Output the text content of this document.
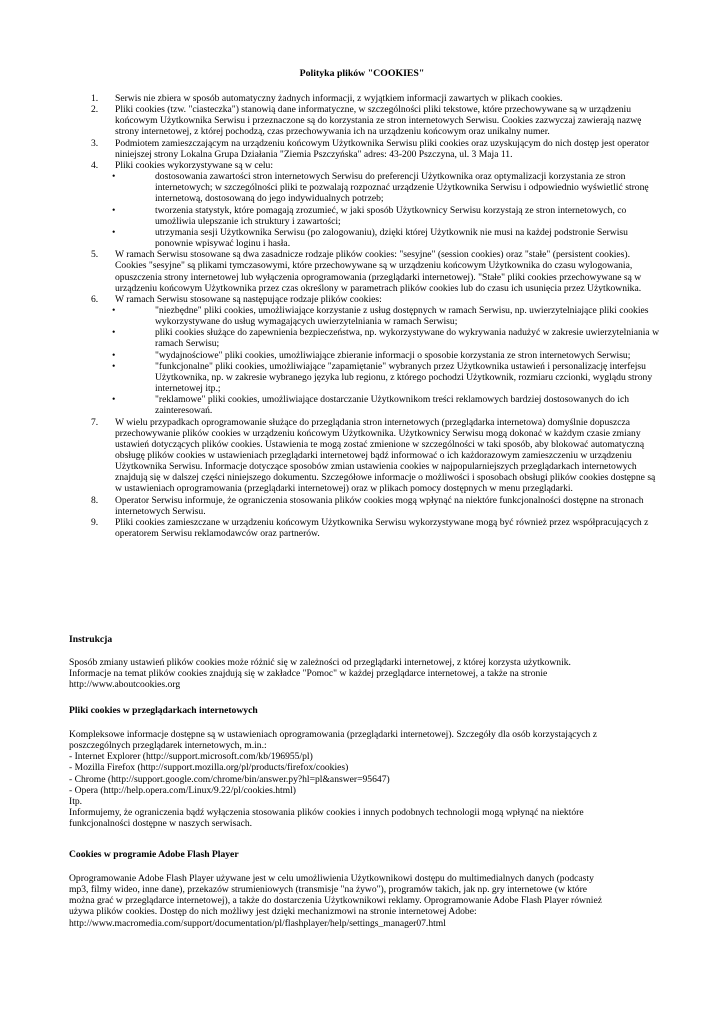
Polityka plików "COOKIES"
1. Serwis nie zbiera w sposób automatyczny żadnych informacji, z wyjątkiem informacji zawartych w plikach cookies.
2. Pliki cookies (tzw. "ciasteczka") stanowią dane informatyczne, w szczególności pliki tekstowe, które przechowywane są w urządzeniu końcowym Użytkownika Serwisu i przeznaczone są do korzystania ze stron internetowych Serwisu. Cookies zazwyczaj zawierają nazwę strony internetowej, z której pochodzą, czas przechowywania ich na urządzeniu końcowym oraz unikalny numer.
3. Podmiotem zamieszczającym na urządzeniu końcowym Użytkownika Serwisu pliki cookies oraz uzyskującym do nich dostęp jest operator niniejszej strony Lokalna Grupa Działania "Ziemia Pszczyńska" adres: 43-200 Pszczyna, ul. 3 Maja 11.
4. Pliki cookies wykorzystywane są w celu:
•	dostosowania zawartości stron internetowych Serwisu do preferencji Użytkownika oraz optymalizacji korzystania ze stron internetowych; w szczególności pliki te pozwalają rozpoznać urządzenie Użytkownika Serwisu i odpowiednio wyświetlić stronę internetową, dostosowaną do jego indywidualnych potrzeb;
•	tworzenia statystyk, które pomagają zrozumieć, w jaki sposób Użytkownicy Serwisu korzystają ze stron internetowych, co umożliwia ulepszanie ich struktury i zawartości;
•	utrzymania sesji Użytkownika Serwisu (po zalogowaniu), dzięki której Użytkownik nie musi na każdej podstronie Serwisu ponownie wpisywać loginu i hasła.
5. W ramach Serwisu stosowane są dwa zasadnicze rodzaje plików cookies: "sesyjne" (session cookies) oraz "stałe" (persistent cookies). Cookies "sesyjne" są plikami tymczasowymi, które przechowywane są w urządzeniu końcowym Użytkownika do czasu wylogowania, opuszczenia strony internetowej lub wyłączenia oprogramowania (przeglądarki internetowej). "Stałe" pliki cookies przechowywane są w urządzeniu końcowym Użytkownika przez czas określony w parametrach plików cookies lub do czasu ich usunięcia przez Użytkownika.
6. W ramach Serwisu stosowane są następujące rodzaje plików cookies:
•	"niezbędne" pliki cookies, umożliwiające korzystanie z usług dostępnych w ramach Serwisu, np. uwierzytelniające pliki cookies wykorzystywane do usług wymagających uwierzytelniania w ramach Serwisu;
•	pliki cookies służące do zapewnienia bezpieczeństwa, np. wykorzystywane do wykrywania nadużyć w zakresie uwierzytelniania w ramach Serwisu;
•	"wydajnościowe" pliki cookies, umożliwiające zbieranie informacji o sposobie korzystania ze stron internetowych Serwisu;
•	"funkcjonalne" pliki cookies, umożliwiające "zapamiętanie" wybranych przez Użytkownika ustawień i personalizację interfejsu Użytkownika, np. w zakresie wybranego języka lub regionu, z którego pochodzi Użytkownik, rozmiaru czcionki, wyglądu strony internetowej itp.;
•	"reklamowe" pliki cookies, umożliwiające dostarczanie Użytkownikom treści reklamowych bardziej dostosowanych do ich zainteresowań.
7. W wielu przypadkach oprogramowanie służące do przeglądania stron internetowych (przeglądarka internetowa) domyślnie dopuszcza przechowywanie plików cookies w urządzeniu końcowym Użytkownika. Użytkownicy Serwisu mogą dokonać w każdym czasie zmiany ustawień dotyczących plików cookies. Ustawienia te mogą zostać zmienione w szczególności w taki sposób, aby blokować automatyczną obsługę plików cookies w ustawieniach przeglądarki internetowej bądź informować o ich każdorazowym zamieszczeniu w urządzeniu Użytkownika Serwisu. Informacje dotyczące sposobów zmian ustawienia cookies w najpopularniejszych przeglądarkach internetowych znajdują się w dalszej części niniejszego dokumentu. Szczegółowe informacje o możliwości i sposobach obsługi plików cookies dostępne są w ustawieniach oprogramowania (przeglądarki internetowej) oraz w plikach pomocy dostępnych w menu przeglądarki.
8. Operator Serwisu informuje, że ograniczenia stosowania plików cookies mogą wpłynąć na niektóre funkcjonalności dostępne na stronach internetowych Serwisu.
9. Pliki cookies zamieszczane w urządzeniu końcowym Użytkownika Serwisu wykorzystywane mogą być również przez współpracujących z operatorem Serwisu reklamodawców oraz partnerów.
Instrukcja

Sposób zmiany ustawień plików cookies może różnić się w zależności od przeglądarki internetowej, z której korzysta użytkownik.

Informacje na temat plików cookies znajdują się w zakładce "Pomoc" w każdej przeglądarce internetowej, a także na stronie

http://www.aboutcookies.org

Pliki cookies w przeglądarkach internetowych

Kompleksowe informacje dostępne są w ustawieniach oprogramowania (przeglądarki internetowej). Szczegóły dla osób korzystających z

poszczególnych przeglądarek internetowych, m.in.:

- Internet Explorer (http://support.microsoft.com/kb/196955/pl)

- Mozilla Firefox (http://support.mozilla.org/pl/products/firefox/cookies)

- Chrome (http://support.google.com/chrome/bin/answer.py?hl=pl&answer=95647)

- Opera (http://help.opera.com/Linux/9.22/pl/cookies.html)

Itp.

Informujemy, że ograniczenia bądź wyłączenia stosowania plików cookies i innych podobnych technologii mogą wpłynąć na niektóre

funkcjonalności dostępne w naszych serwisach.

Cookies w programie Adobe Flash Player

Oprogramowanie Adobe Flash Player używane jest w celu umożliwienia Użytkownikowi dostępu do multimedialnych danych (podcasty

mp3, filmy wideo, inne dane), przekazów strumieniowych (transmisje "na żywo"), programów takich, jak np. gry internetowe (w które

można grać w przeglądarce internetowej), a także do dostarczenia Użytkownikowi reklamy. Oprogramowanie Adobe Flash Player również

używa plików cookies. Dostęp do nich możliwy jest dzięki mechanizmowi na stronie internetowej Adobe:

http://www.macromedia.com/support/documentation/pl/flashplayer/help/settings_manager07.html
